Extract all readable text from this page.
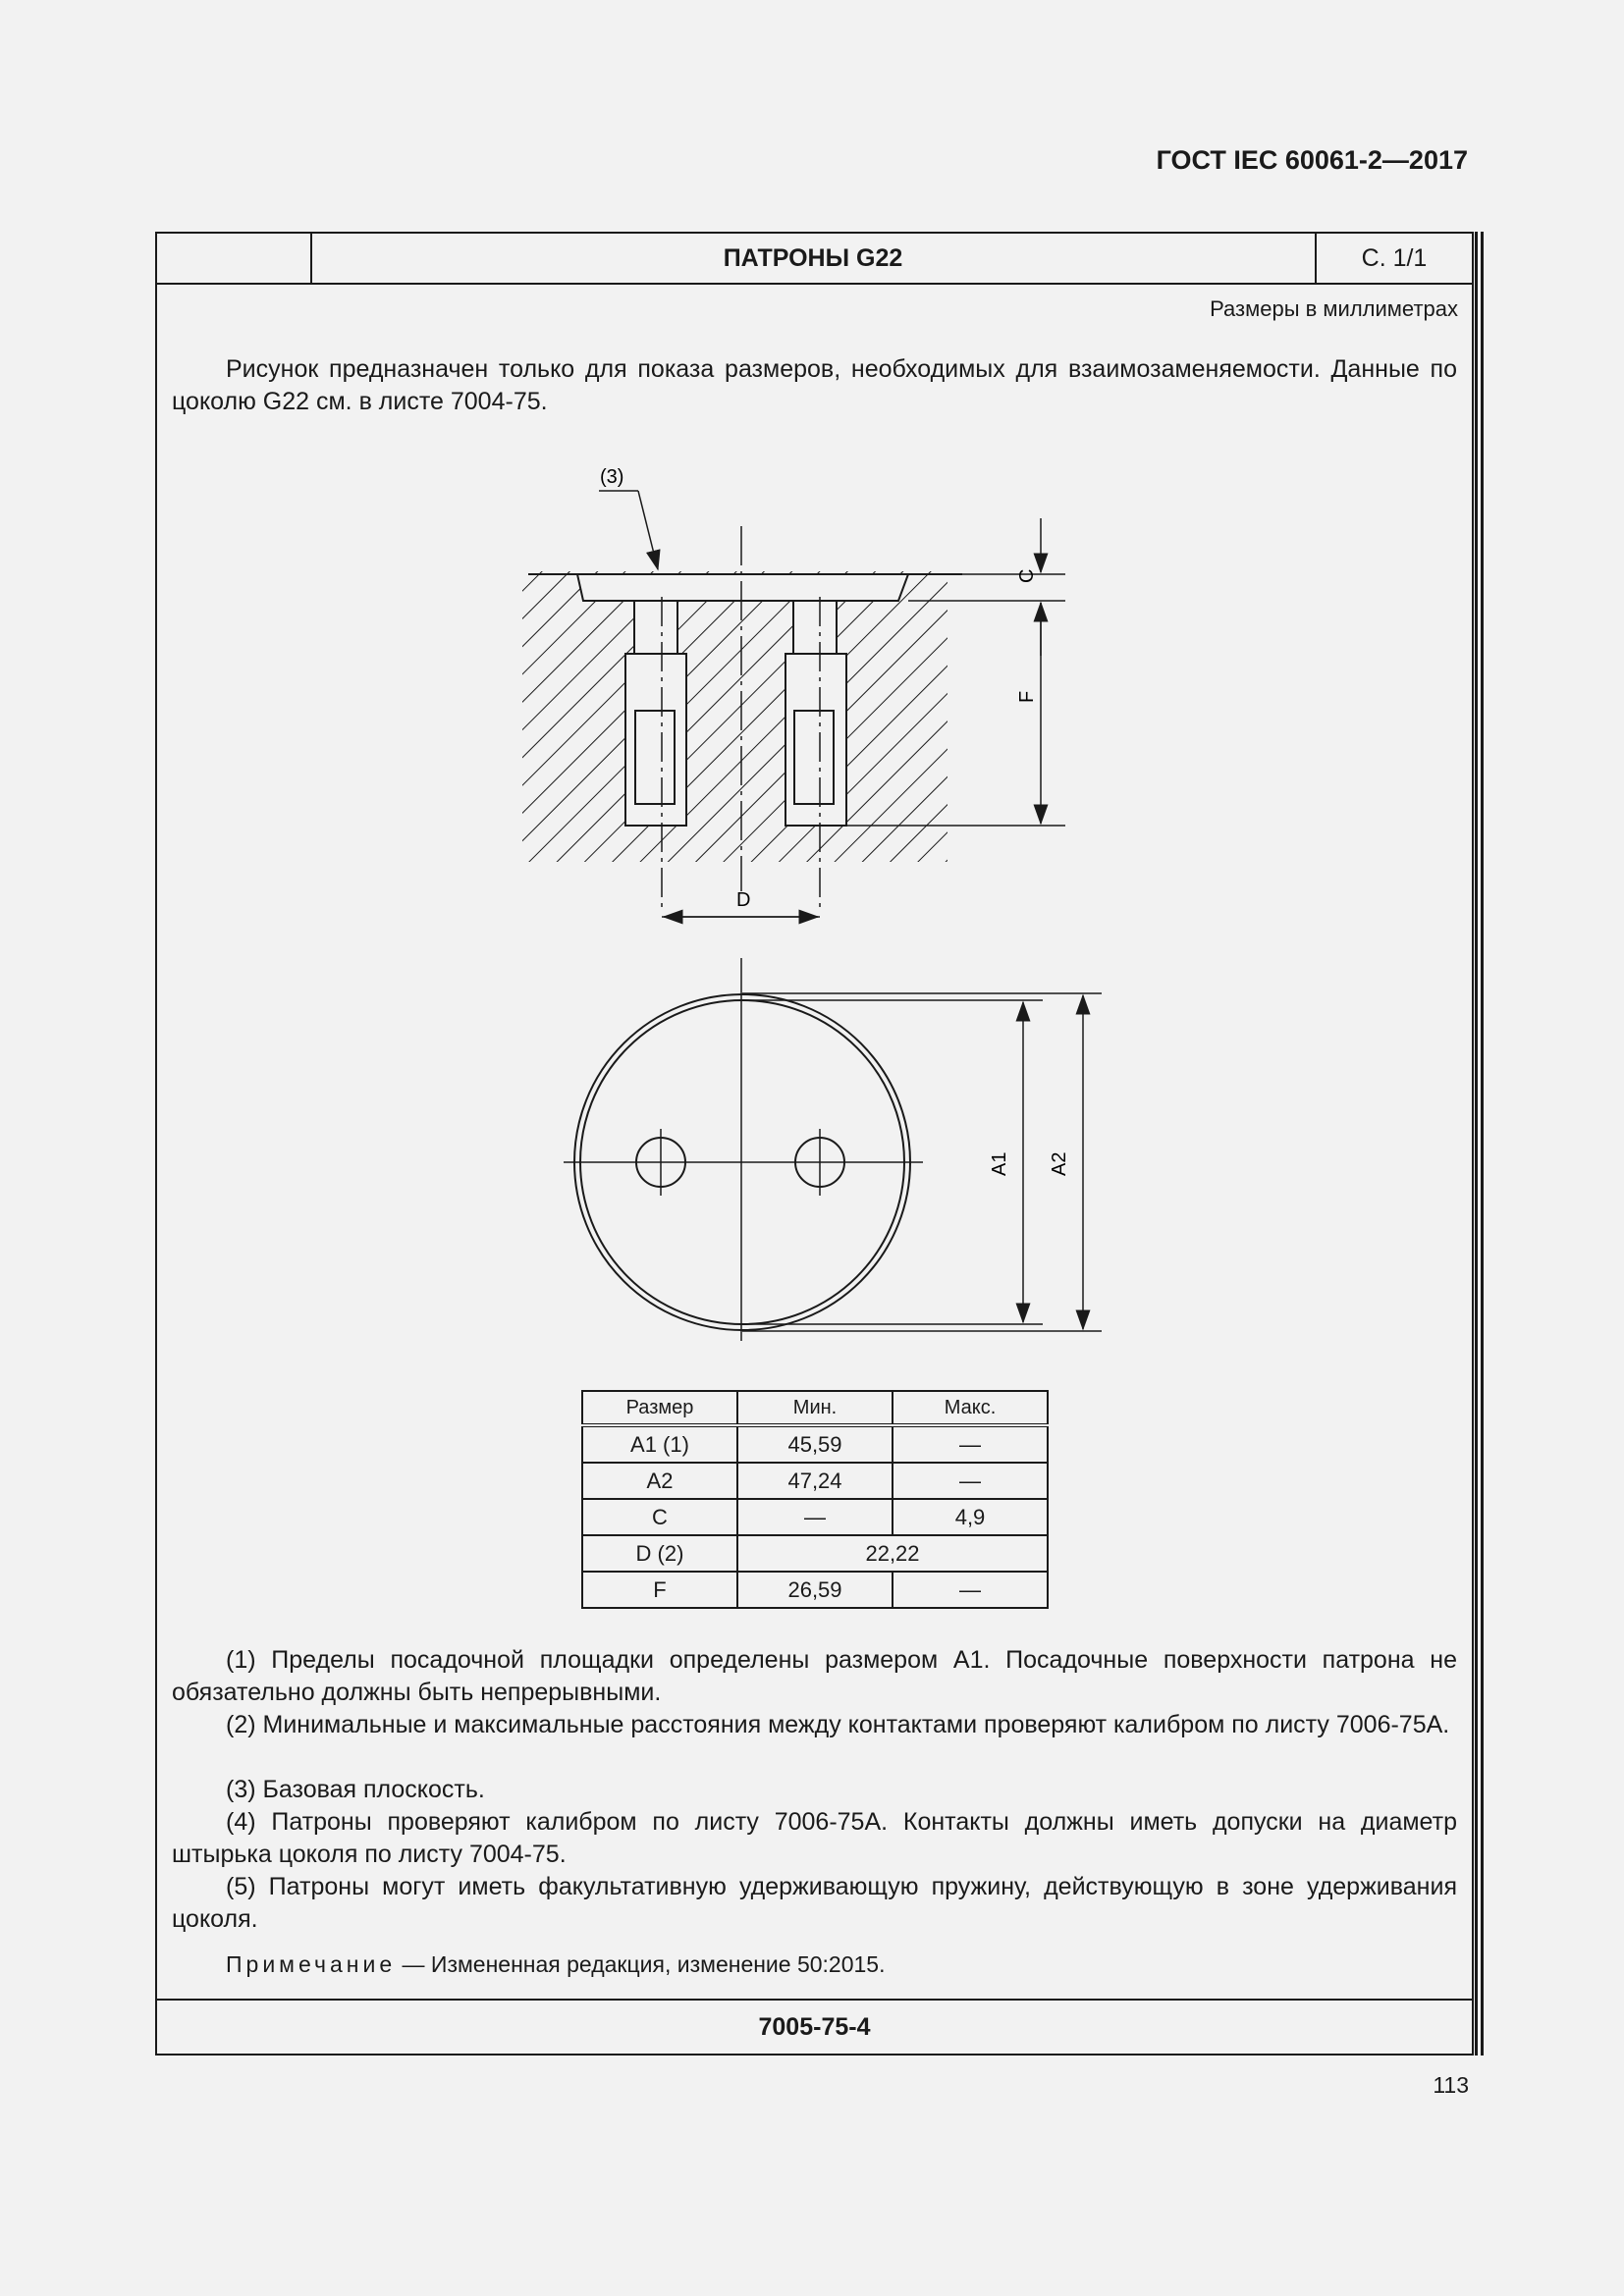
ГОСТ IEC 60061-2—2017
ПАТРОНЫ G22	С. 1/1
Размеры в миллиметрах
Рисунок предназначен только для показа размеров, необходимых для взаимозаменяемости. Данные по цоколю G22 см. в листе 7004-75.
(3)
C
F
D
A1 A2
Размер	Мин.	Макс.
A1 (1)	45,59	—
A2	47,24	—
C	—	4,9
D (2)	22,22	
F	26,59	—
(1) Пределы посадочной площадки определены размером A1. Посадочные поверхности патрона не обязательно должны быть непрерывными.
(2) Минимальные и максимальные расстояния между контактами проверяют калибром по листу 7006-75A.
(3) Базовая плоскость.
(4) Патроны проверяют калибром по листу 7006-75A. Контакты должны иметь допуски на диаметр штырька цоколя по листу 7004-75.
(5) Патроны могут иметь факультативную удерживающую пружину, действующую в зоне удерживания цоколя.
Примечание — Измененная редакция, изменение 50:2015.
7005-75-4
113
